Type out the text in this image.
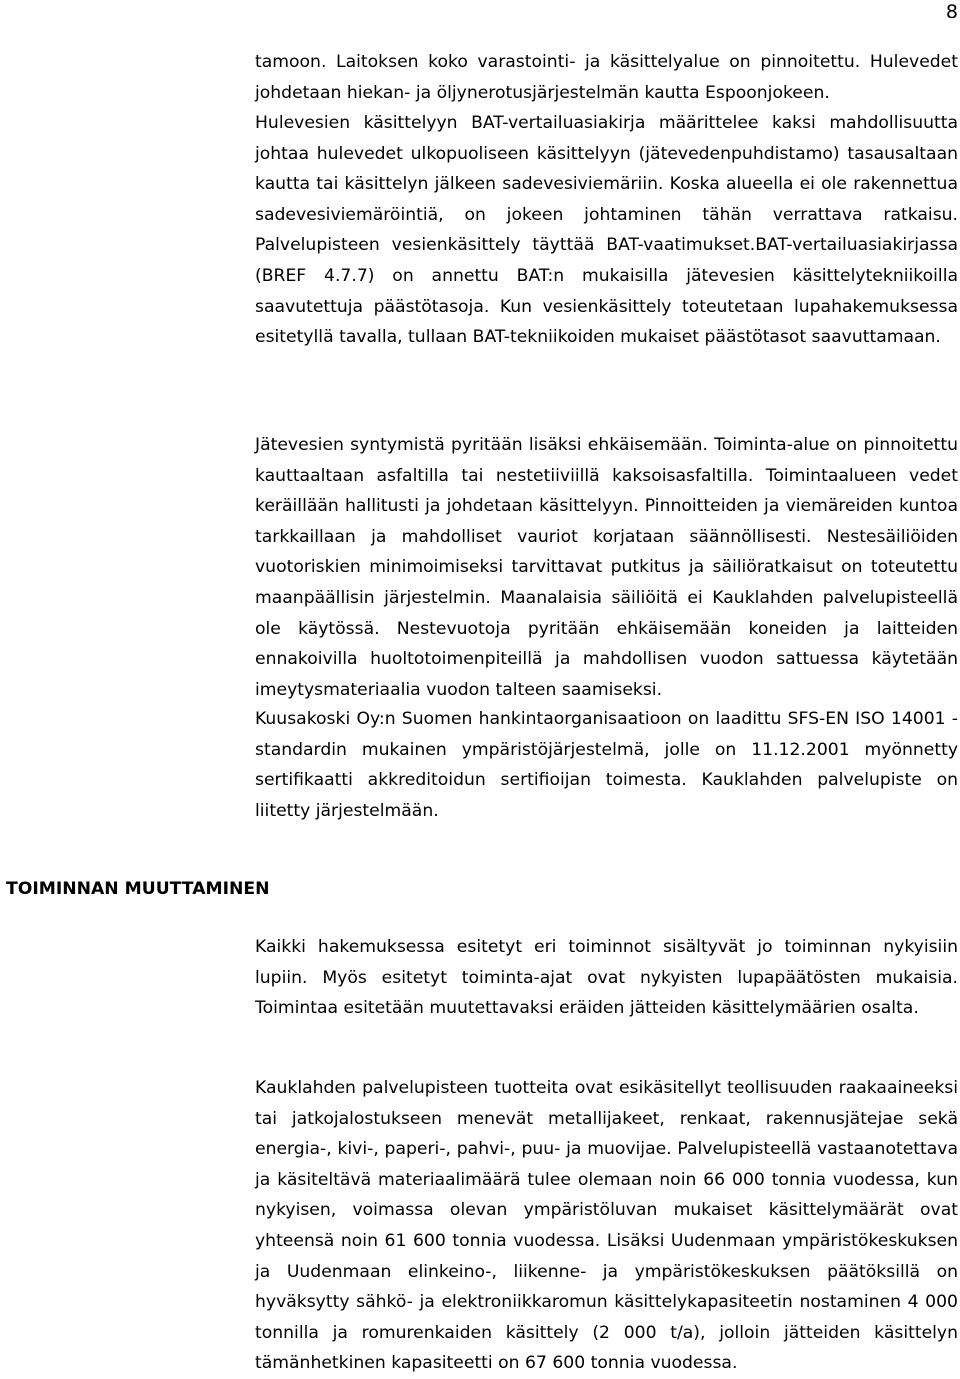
8

tamoon. Laitoksen koko varastointi- ja käsittelyalue on pinnoitettu. Hulevedet johdetaan hiekan- ja öljynerotusjärjestelmän kautta Espoonjokeen.

Hulevesien käsittelyyn BAT-vertailuasiakirja määrittelee kaksi mahdollisuutta johtaa hulevedet ulkopuoliseen käsittelyyn (jätevedenpuhdistamo) tasausaltaan kautta tai käsittelyn jälkeen sadevesiviemäriin. Koska alueella ei ole rakennettua sadevesiviemäröintiä, on jokeen johtaminen tähän verrattava ratkaisu. Palvelupisteen vesienkäsittely täyttää BAT-vaatimukset.BAT-vertailuasiakirjassa (BREF 4.7.7) on annettu BAT:n mukaisilla jätevesien käsittelytekniikoilla saavutettuja päästötasoja. Kun vesienkäsittely toteutetaan lupahakemuksessa esitetyllä tavalla, tullaan BAT-tekniikoiden mukaiset päästötasot saavuttamaan.

Jätevesien syntymistä pyritään lisäksi ehkäisemään. Toiminta-alue on pinnoitettu kauttaaltaan asfaltilla tai nestetiiviillä kaksoisasfaltilla. Toimintaalueen vedet keräillään hallitusti ja johdetaan käsittelyyn. Pinnoitteiden ja viemäreiden kuntoa tarkkaillaan ja mahdolliset vauriot korjataan säännöllisesti. Nestesäiliöiden vuotoriskien minimoimiseksi tarvittavat putkitus ja säiliöratkaisut on toteutettu maanpäällisin järjestelmin. Maanalaisia säiliöitä ei Kauklahden palvelupisteellä ole käytössä. Nestevuotoja pyritään ehkäisemään koneiden ja laitteiden ennakoivilla huoltotoimenpiteillä ja mahdollisen vuodon sattuessa käytetään imeytysmateriaalia vuodon talteen saamiseksi.

Kuusakoski Oy:n Suomen hankintaorganisaatioon on laadittu SFS-EN ISO 14001 -standardin mukainen ympäristöjärjestelmä, jolle on 11.12.2001 myönnetty sertifikaatti akkreditoidun sertifioijan toimesta. Kauklahden palvelupiste on liitetty järjestelmään.

TOIMINNAN MUUTTAMINEN

Kaikki hakemuksessa esitetyt eri toiminnot sisältyvät jo toiminnan nykyisiin lupiin. Myös esitetyt toiminta-ajat ovat nykyisten lupapäätösten mukaisia. Toimintaa esitetään muutettavaksi eräiden jätteiden käsittelymäärien osalta.

Kauklahden palvelupisteen tuotteita ovat esikäsitellyt teollisuuden raakaaineeksi tai jatkojalostukseen menevät metallijakeet, renkaat, rakennusjätejae sekä energia-, kivi-, paperi-, pahvi-, puu- ja muovijae. Palvelupisteellä vastaanotettava ja käsiteltävä materiaalimäärä tulee olemaan noin 66 000 tonnia vuodessa, kun nykyisen, voimassa olevan ympäristöluvan mukaiset käsittelymäärät ovat yhteensä noin 61 600 tonnia vuodessa. Lisäksi Uudenmaan ympäristökeskuksen ja Uudenmaan elinkeino-, liikenne- ja ympäristökeskuksen päätöksillä on hyväksytty sähkö- ja elektroniikkaromun käsittelykapasiteetin nostaminen 4 000 tonnilla ja romurenkaiden käsittely (2 000 t/a), jolloin jätteiden käsittelyn tämänhetkinen kapasiteetti on 67 600 tonnia vuodessa.
